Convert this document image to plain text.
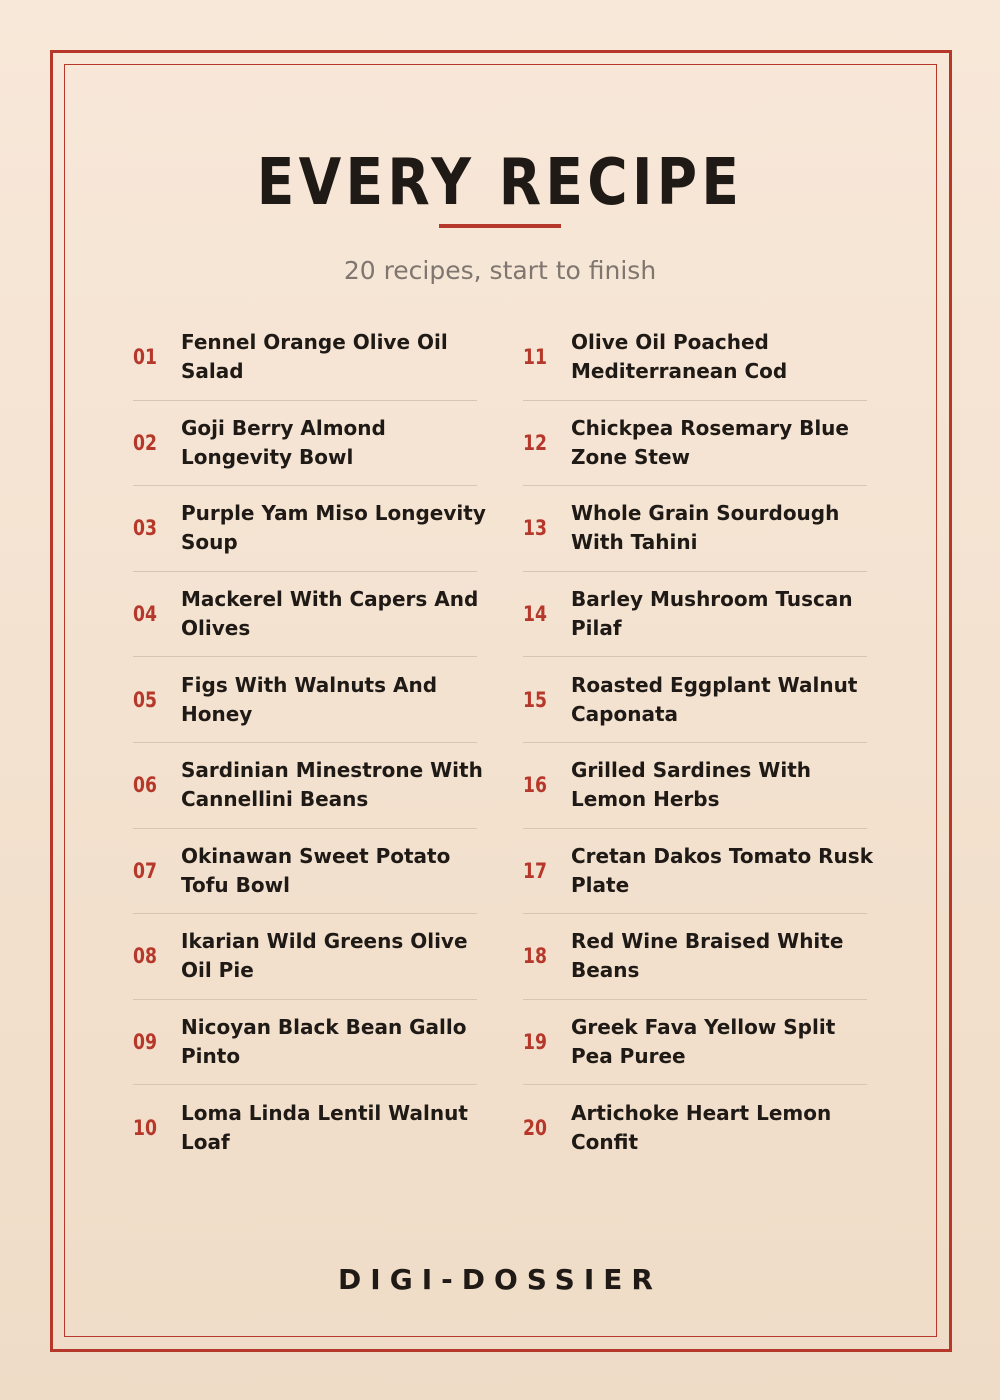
EVERY RECIPE
20 recipes, start to finish
01
Fennel Orange Olive Oil Salad
02
Goji Berry Almond Longevity Bowl
03
Purple Yam Miso Longevity Soup
04
Mackerel With Capers And Olives
05
Figs With Walnuts And Honey
06
Sardinian Minestrone With Cannellini Beans
07
Okinawan Sweet Potato Tofu Bowl
08
Ikarian Wild Greens Olive Oil Pie
09
Nicoyan Black Bean Gallo Pinto
10
Loma Linda Lentil Walnut Loaf
11
Olive Oil Poached Mediterranean Cod
12
Chickpea Rosemary Blue Zone Stew
13
Whole Grain Sourdough With Tahini
14
Barley Mushroom Tuscan Pilaf
15
Roasted Eggplant Walnut Caponata
16
Grilled Sardines With Lemon Herbs
17
Cretan Dakos Tomato Rusk Plate
18
Red Wine Braised White Beans
19
Greek Fava Yellow Split Pea Puree
20
Artichoke Heart Lemon Confit
DIGI-DOSSIER
